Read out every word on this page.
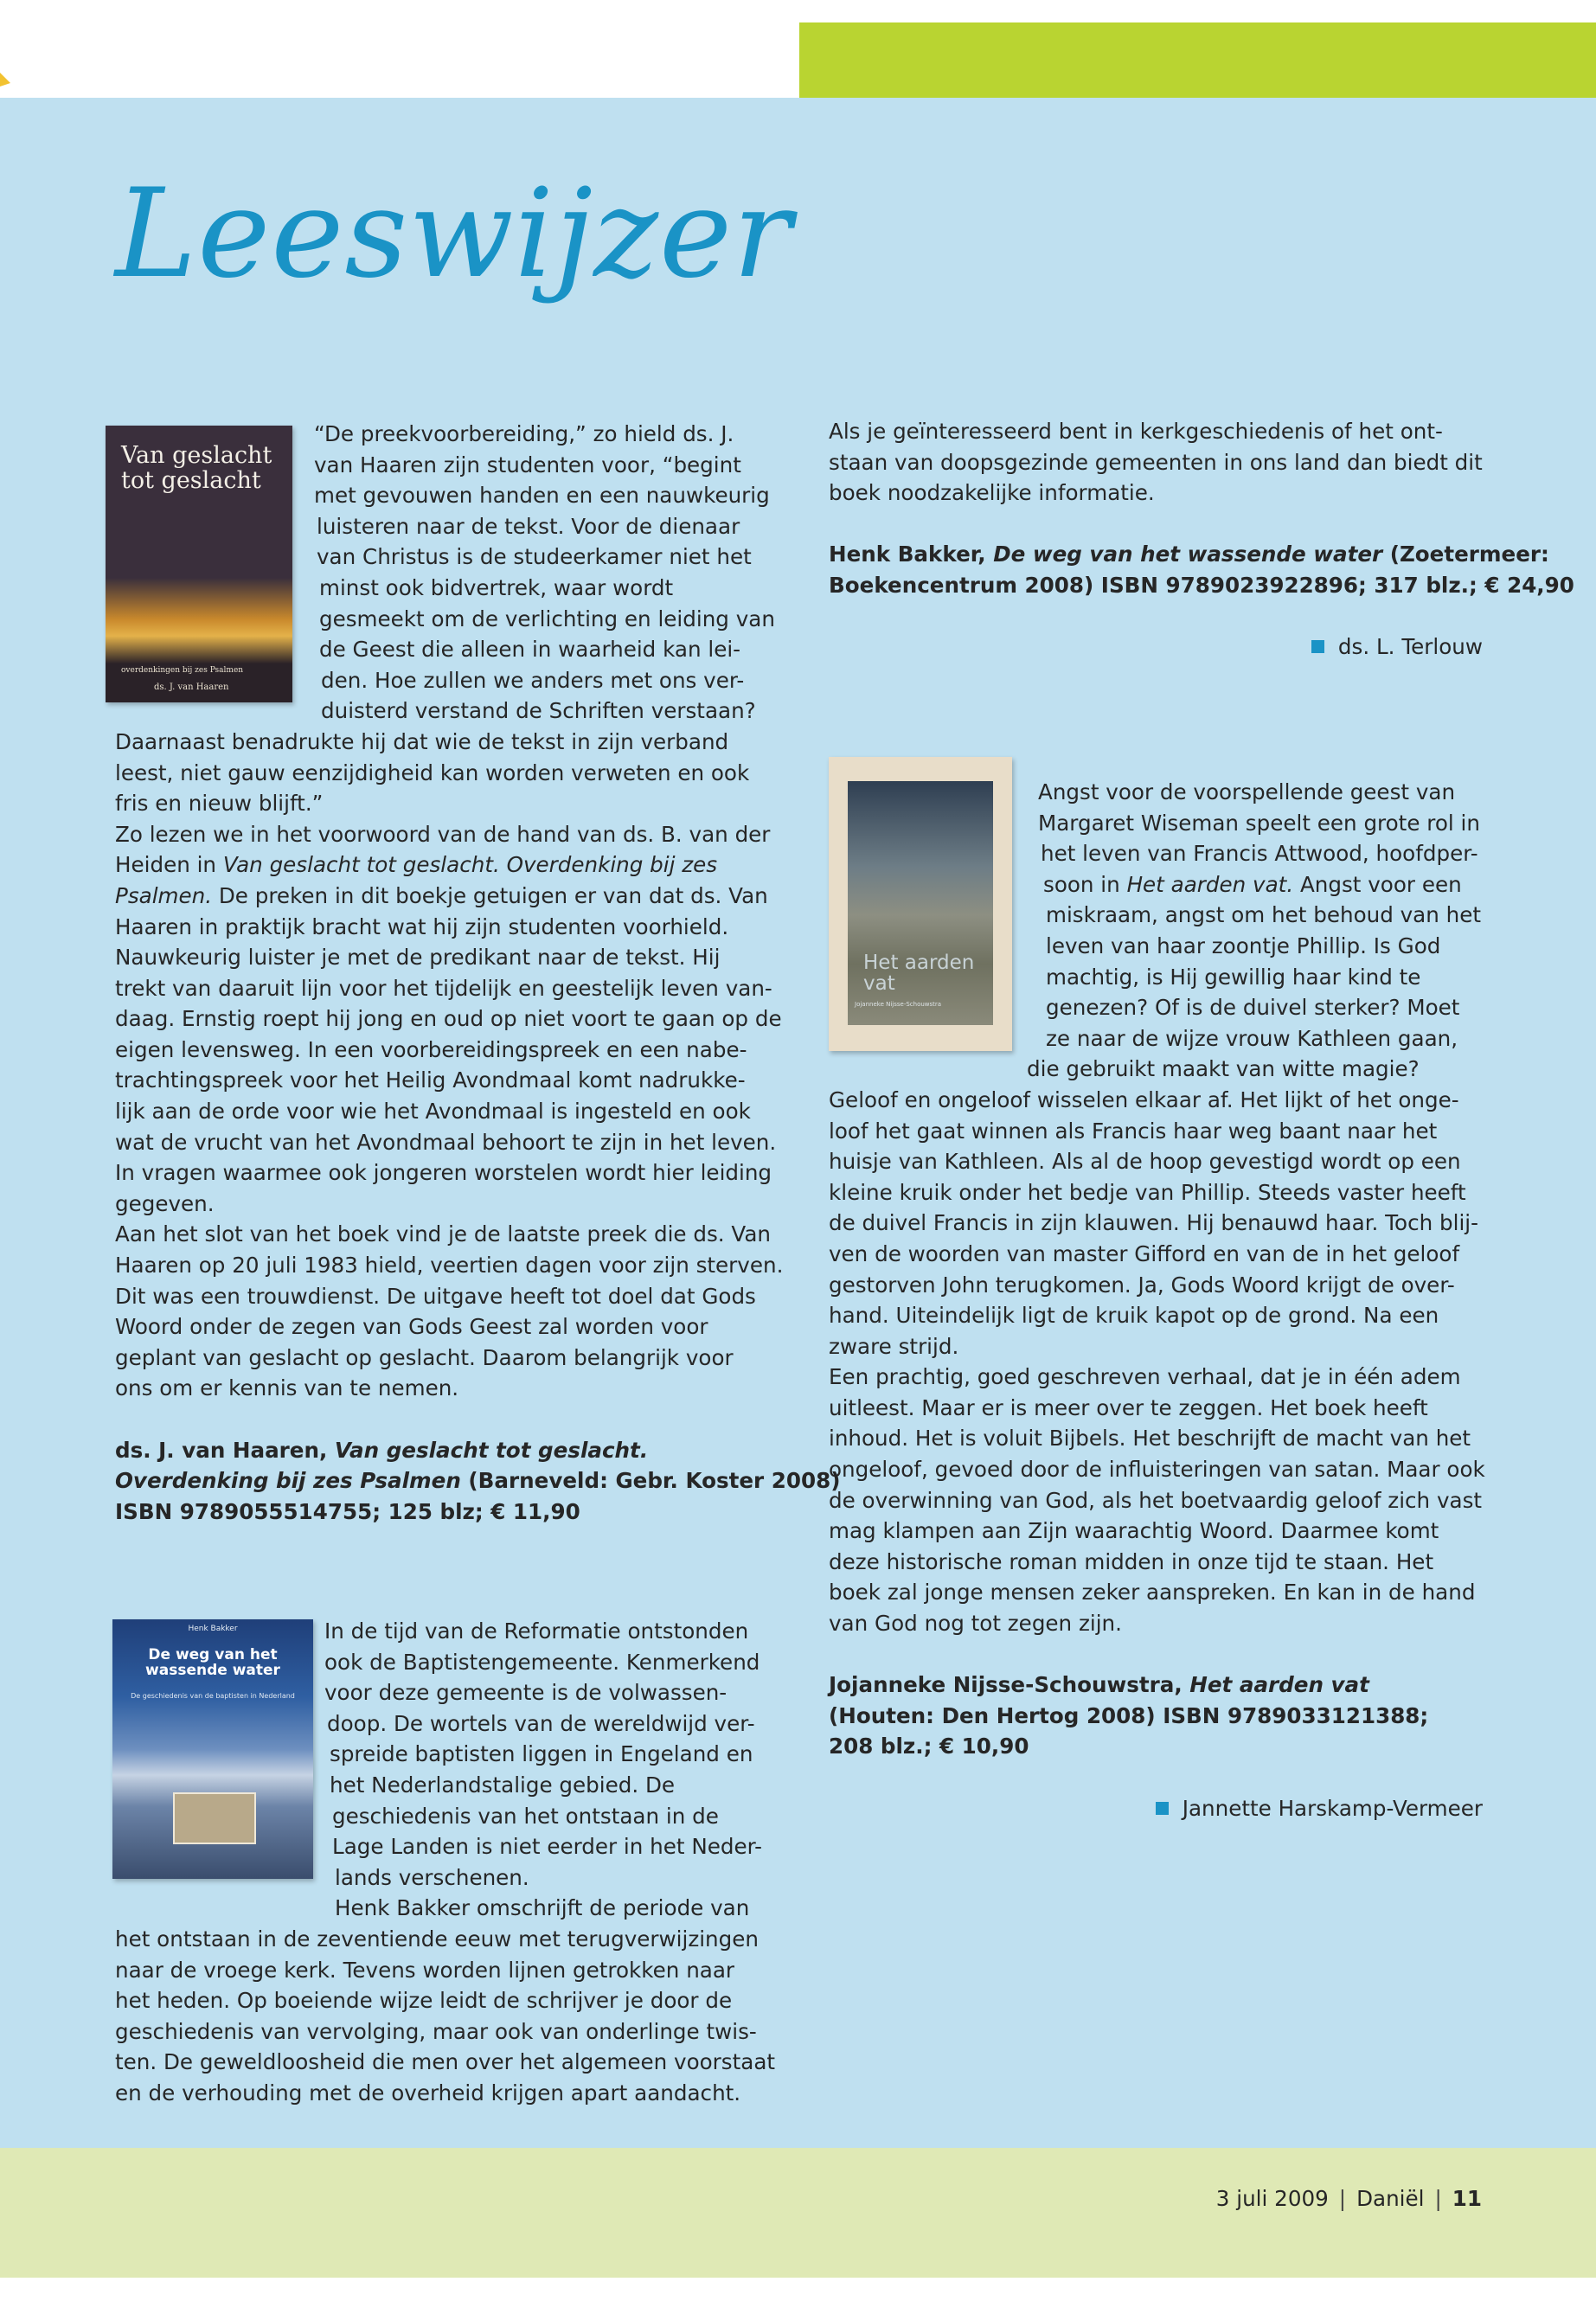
Leeswijzer
Van geslacht tot geslacht
overdenkingen bij zes Psalmen
ds. J. van Haaren
Het aarden vat
Jojanneke Nijsse-Schouwstra
Henk Bakker
De weg van het wassende water
De geschiedenis van de baptisten in Nederland
“De preekvoorbereiding,” zo hield ds. J.
van Haaren zijn studenten voor, “begint
met gevouwen handen en een nauwkeurig
luisteren naar de tekst. Voor de dienaar
van Christus is de studeerkamer niet het
minst ook bidvertrek, waar wordt
gesmeekt om de verlichting en leiding van
de Geest die alleen in waarheid kan lei-
den. Hoe zullen we anders met ons ver-
duisterd verstand de Schriften verstaan?
Daarnaast benadrukte hij dat wie de tekst in zijn verband
leest, niet gauw eenzijdigheid kan worden verweten en ook
fris en nieuw blijft.”
Zo lezen we in het voorwoord van de hand van ds. B. van der
Heiden in Van geslacht tot geslacht. Overdenking bij zes
Psalmen. De preken in dit boekje getuigen er van dat ds. Van
Haaren in praktijk bracht wat hij zijn studenten voorhield.
Nauwkeurig luister je met de predikant naar de tekst. Hij
trekt van daaruit lijn voor het tijdelijk en geestelijk leven van-
daag. Ernstig roept hij jong en oud op niet voort te gaan op de
eigen levensweg. In een voorbereidingspreek en een nabe-
trachtingspreek voor het Heilig Avondmaal komt nadrukke-
lijk aan de orde voor wie het Avondmaal is ingesteld en ook
wat de vrucht van het Avondmaal behoort te zijn in het leven.
In vragen waarmee ook jongeren worstelen wordt hier leiding
gegeven.
Aan het slot van het boek vind je de laatste preek die ds. Van
Haaren op 20 juli 1983 hield, veertien dagen voor zijn sterven.
Dit was een trouwdienst. De uitgave heeft tot doel dat Gods
Woord onder de zegen van Gods Geest zal worden voor
geplant van geslacht op geslacht. Daarom belangrijk voor
ons om er kennis van te nemen.
ds. J. van Haaren, Van geslacht tot geslacht.
Overdenking bij zes Psalmen (Barneveld: Gebr. Koster 2008)
ISBN 9789055514755; 125 blz; € 11,90
In de tijd van de Reformatie ontstonden
ook de Baptistengemeente. Kenmerkend
voor deze gemeente is de volwassen-
doop. De wortels van de wereldwijd ver-
spreide baptisten liggen in Engeland en
het Nederlandstalige gebied. De
geschiedenis van het ontstaan in de
Lage Landen is niet eerder in het Neder-
lands verschenen.
Henk Bakker omschrijft de periode van
het ontstaan in de zeventiende eeuw met terugverwijzingen
naar de vroege kerk. Tevens worden lijnen getrokken naar
het heden. Op boeiende wijze leidt de schrijver je door de
geschiedenis van vervolging, maar ook van onderlinge twis-
ten. De geweldloosheid die men over het algemeen voorstaat
en de verhouding met de overheid krijgen apart aandacht.
Als je geïnteresseerd bent in kerkgeschiedenis of het ont-
staan van doopsgezinde gemeenten in ons land dan biedt dit
boek noodzakelijke informatie.
Henk Bakker, De weg van het wassende water (Zoetermeer:
Boekencentrum 2008) ISBN 9789023922896; 317 blz.; € 24,90
ds. L. Terlouw
Angst voor de voorspellende geest van
Margaret Wiseman speelt een grote rol in
het leven van Francis Attwood, hoofdper-
soon in Het aarden vat. Angst voor een
miskraam, angst om het behoud van het
leven van haar zoontje Phillip. Is God
machtig, is Hij gewillig haar kind te
genezen? Of is de duivel sterker? Moet
ze naar de wijze vrouw Kathleen gaan,
die gebruikt maakt van witte magie?
Geloof en ongeloof wisselen elkaar af. Het lijkt of het onge-
loof het gaat winnen als Francis haar weg baant naar het
huisje van Kathleen. Als al de hoop gevestigd wordt op een
kleine kruik onder het bedje van Phillip. Steeds vaster heeft
de duivel Francis in zijn klauwen. Hij benauwd haar. Toch blij-
ven de woorden van master Gifford en van de in het geloof
gestorven John terugkomen. Ja, Gods Woord krijgt de over-
hand. Uiteindelijk ligt de kruik kapot op de grond. Na een
zware strijd.
Een prachtig, goed geschreven verhaal, dat je in één adem
uitleest. Maar er is meer over te zeggen. Het boek heeft
inhoud. Het is voluit Bijbels. Het beschrijft de macht van het
ongeloof, gevoed door de influisteringen van satan. Maar ook
de overwinning van God, als het boetvaardig geloof zich vast
mag klampen aan Zijn waarachtig Woord. Daarmee komt
deze historische roman midden in onze tijd te staan. Het
boek zal jonge mensen zeker aanspreken. En kan in de hand
van God nog tot zegen zijn.
Jojanneke Nijsse-Schouwstra, Het aarden vat
(Houten: Den Hertog 2008) ISBN 9789033121388;
208 blz.; € 10,90
Jannette Harskamp-Vermeer
3 juli 2009 | Daniël | 11
